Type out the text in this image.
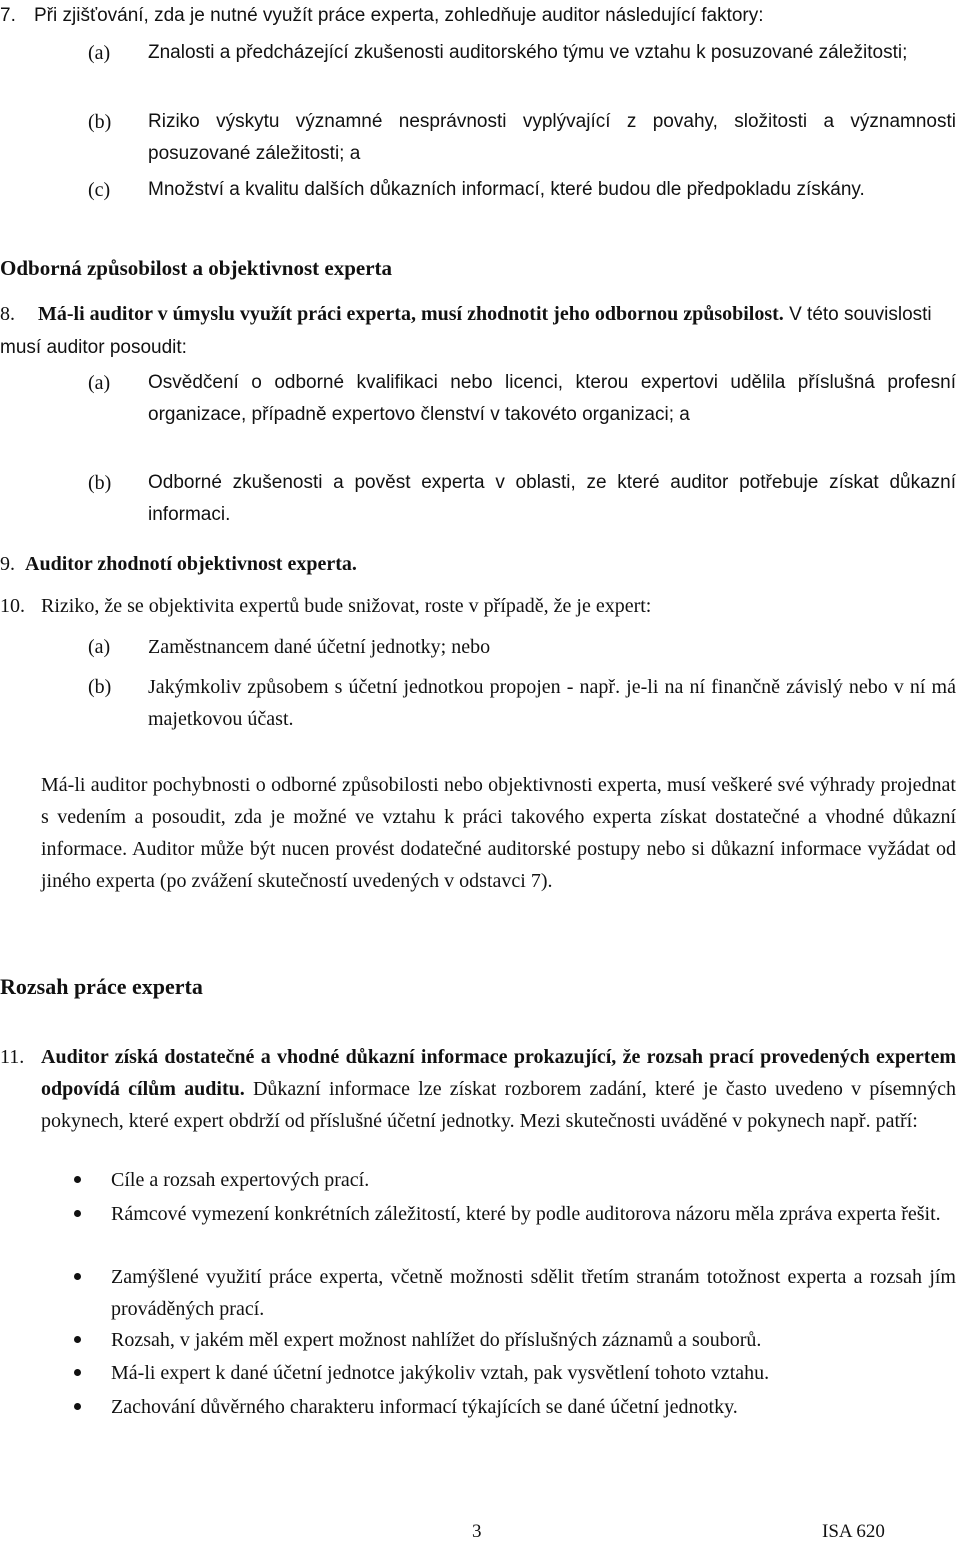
7. Při zjišťování, zda je nutné využít práce experta, zohledňuje auditor následující faktory:
(a)	Znalosti a předcházející zkušenosti auditorského týmu ve vztahu k posuzované záležitosti;
(b)	Riziko výskytu významné nesprávnosti vyplývající z povahy, složitosti a významnosti posuzované záležitosti; a
(c)	Množství a kvalitu dalších důkazních informací, které budou dle předpokladu získány.
Odborná způsobilost a objektivnost experta
8.	Má-li auditor v úmyslu využít práci experta, musí zhodnotit jeho odbornou způsobilost. V této souvislosti musí auditor posoudit:
(a)	Osvědčení o odborné kvalifikaci nebo licenci, kterou expertovi udělila příslušná profesní organizace, případně expertovo členství v takovéto organizaci; a
(b)	Odborné zkušenosti a pověst experta v oblasti, ze které auditor potřebuje získat důkazní informaci.
9. Auditor zhodnotí objektivnost experta.
10. Riziko, že se objektivita expertů bude snižovat, roste v případě, že je expert:
(a)	Zaměstnancem dané účetní jednotky; nebo
(b)	Jakýmkoliv způsobem s účetní jednotkou propojen - např. je-li na ní finančně závislý nebo v ní má majetkovou účast.
Má-li auditor pochybnosti o odborné způsobilosti nebo objektivnosti experta, musí veškeré své výhrady projednat s vedením a posoudit, zda je možné ve vztahu k práci takového experta získat dostatečné a vhodné důkazní informace. Auditor může být nucen provést dodatečné auditorské postupy nebo si důkazní informace vyžádat od jiného experta (po zvážení skutečností uvedených v odstavci 7).
Rozsah práce experta
11. Auditor získá dostatečné a vhodné důkazní informace prokazující, že rozsah prací provedených expertem odpovídá cílům auditu. Důkazní informace lze získat rozborem zadání, které je často uvedeno v písemných pokynech, které expert obdrží od příslušné účetní jednotky. Mezi skutečnosti uváděné v pokynech např. patří:
Cíle a rozsah expertových prací.
Rámcové vymezení konkrétních záležitostí, které by podle auditorova názoru měla zpráva experta řešit.
Zamýšlené využití práce experta, včetně možnosti sdělit třetím stranám totožnost experta a rozsah jím prováděných prací.
Rozsah, v jakém měl expert možnost nahlížet do příslušných záznamů a souborů.
Má-li expert k dané účetní jednotce jakýkoliv vztah, pak vysvětlení tohoto vztahu.
Zachování důvěrného charakteru informací týkajících se dané účetní jednotky.
3	ISA 620
